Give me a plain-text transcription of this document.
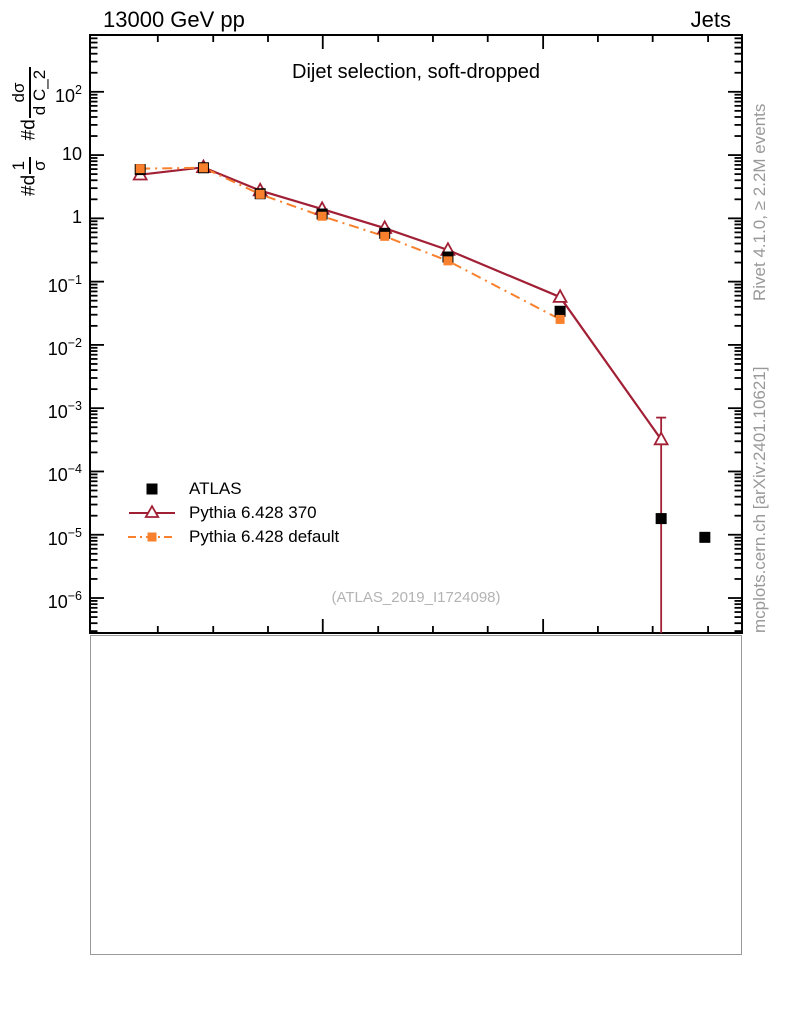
13000 GeV pp	Jets
Dijet selection, soft-dropped
#d
1 σ
#d
dσ d C_2 $10^2$
10
1
$10^{-1}$
$10^{-2}$
$10^{-3}$
$10^{-4}$
$10^{-5}$
$10^{-6}$
ATLAS
Pythia 6.428 370
Pythia 6.428 default
(ATLAS_2019_I1724098)
Rivet 4.1.0, ≥ 2.2M events
mcplots.cern.ch [arXiv:2401.10621]
